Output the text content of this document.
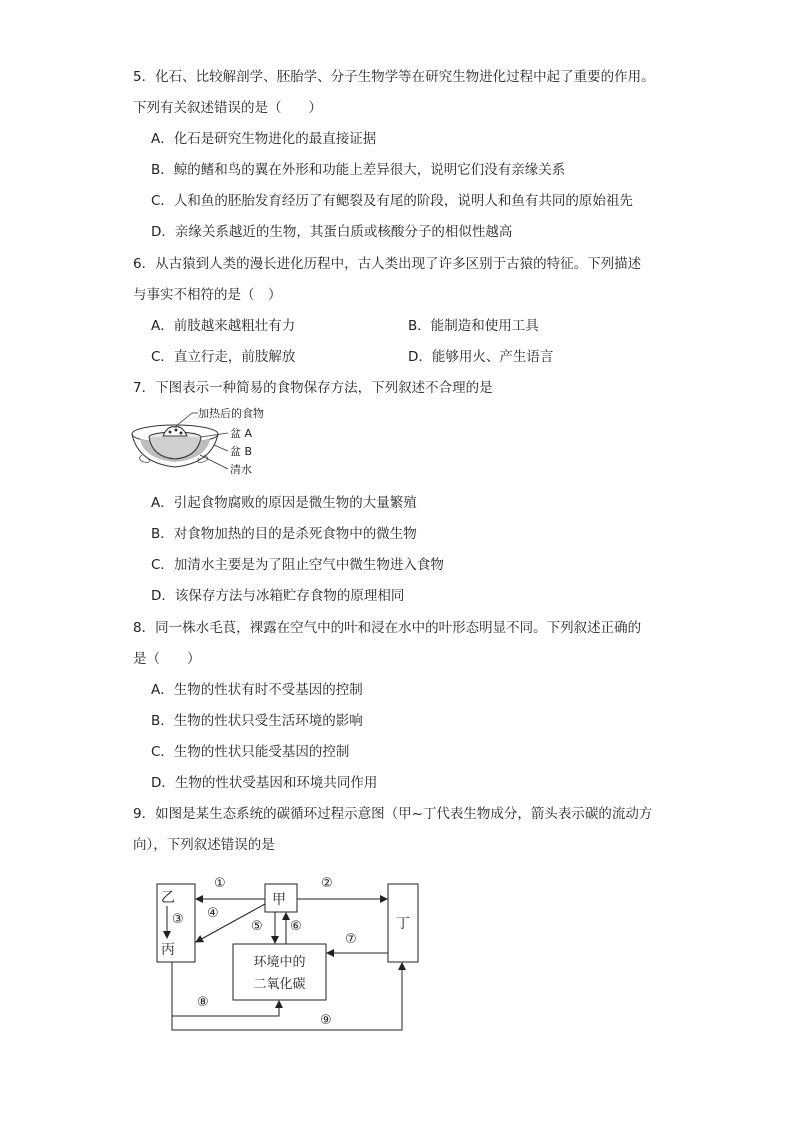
5．化石、比较解剖学、胚胎学、分子生物学等在研究生物进化过程中起了重要的作用。
下列有关叙述错误的是（　　）
A．化石是研究生物进化的最直接证据
B．鲸的鳍和鸟的翼在外形和功能上差异很大，说明它们没有亲缘关系
C．人和鱼的胚胎发育经历了有鳃裂及有尾的阶段，说明人和鱼有共同的原始祖先
D．亲缘关系越近的生物，其蛋白质或核酸分子的相似性越高
6．从古猿到人类的漫长进化历程中，古人类出现了许多区别于古猿的特征。下列描述
与事实不相符的是（　）
A．前肢越来越粗壮有力	B．能制造和使用工具
C．直立行走，前肢解放	D．能够用火、产生语言
7．下图表示一种简易的食物保存方法，下列叙述不合理的是
加热后的食物
盆 A
盆 B
清水
A．引起食物腐败的原因是微生物的大量繁殖
B．对食物加热的目的是杀死食物中的微生物
C．加清水主要是为了阻止空气中微生物进入食物
D．该保存方法与冰箱贮存食物的原理相同
8．同一株水毛茛，裸露在空气中的叶和浸在水中的叶形态明显不同。下列叙述正确的
是（　　）
A．生物的性状有时不受基因的控制
B．生物的性状只受生活环境的影响
C．生物的性状只能受基因的控制
D．生物的性状受基因和环境共同作用
9．如图是某生态系统的碳循环过程示意图（甲~丁代表生物成分，箭头表示碳的流动方
向），下列叙述错误的是
乙
丙
甲
丁
环境中的
二氧化碳
①	②
③ ④
⑤ ⑥
⑦
⑧
⑨
